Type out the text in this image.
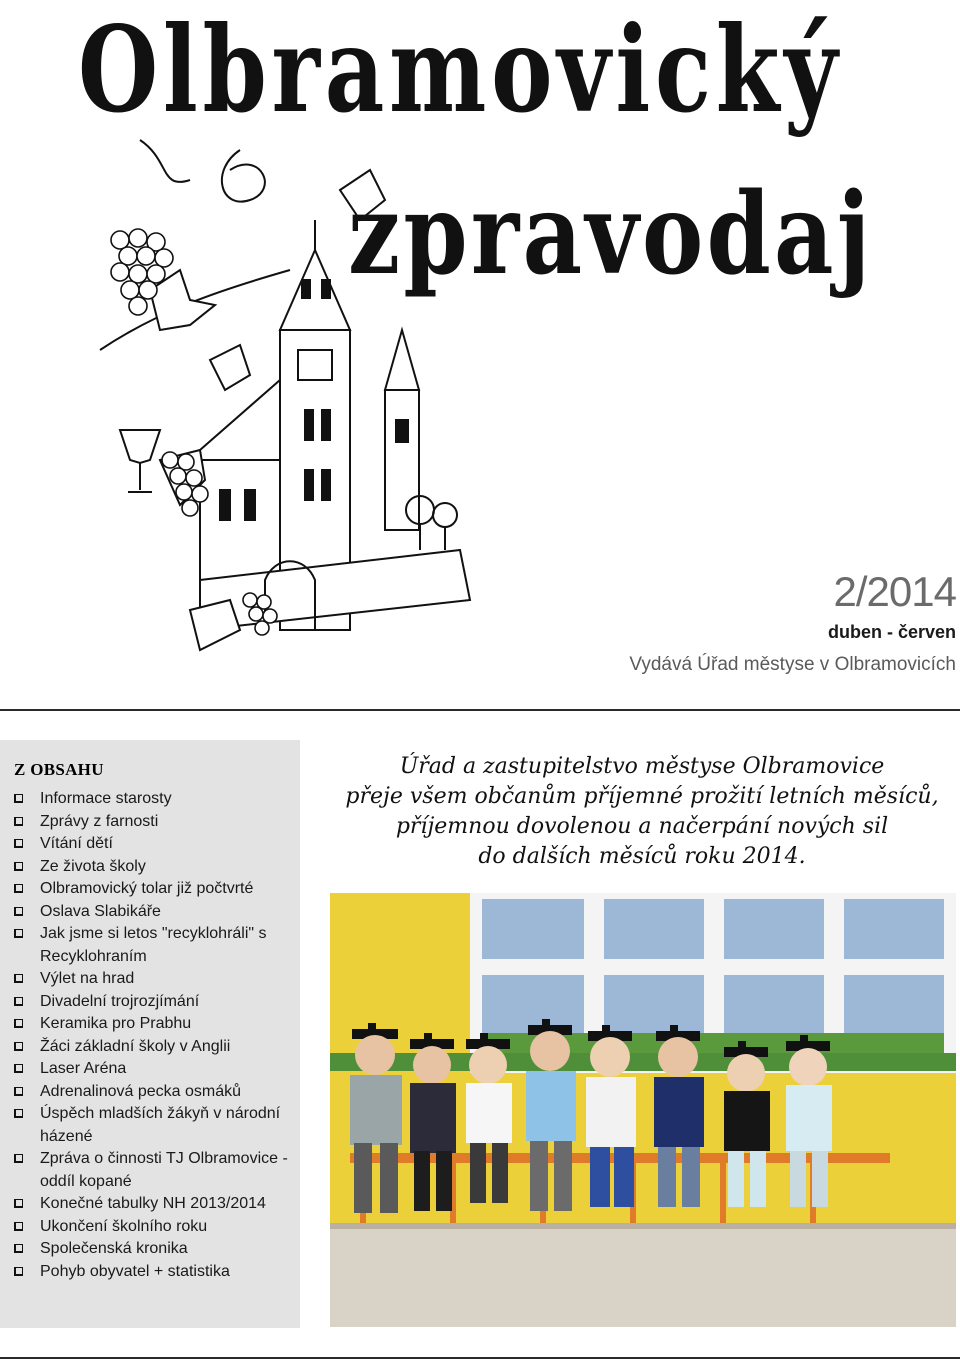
Olbramovický
zpravodaj
2/2014
duben - červen
Vydává Úřad městyse v Olbramovicích
Z OBSAHU
Informace starosty
Zprávy z farnosti
Vítání dětí
Ze života školy
Olbramovický tolar již počtvrté
Oslava Slabikáře
Jak jsme si letos "recyklohráli" s Recyklohraním
Výlet na hrad
Divadelní trojrozjímání
Keramika pro Prabhu
Žáci základní školy v Anglii
Laser Aréna
Adrenalinová pecka osmáků
Úspěch mladších žákyň v národní házené
Zpráva o činnosti TJ Olbramovice - oddíl kopané
Konečné tabulky NH 2013/2014
Ukončení školního roku
Společenská kronika
Pohyb obyvatel + statistika
Úřad a zastupitelstvo městyse Olbramovice
přeje všem občanům příjemné prožití letních měsíců,
příjemnou dovolenou a načerpání nových sil
do dalších měsíců roku 2014.
